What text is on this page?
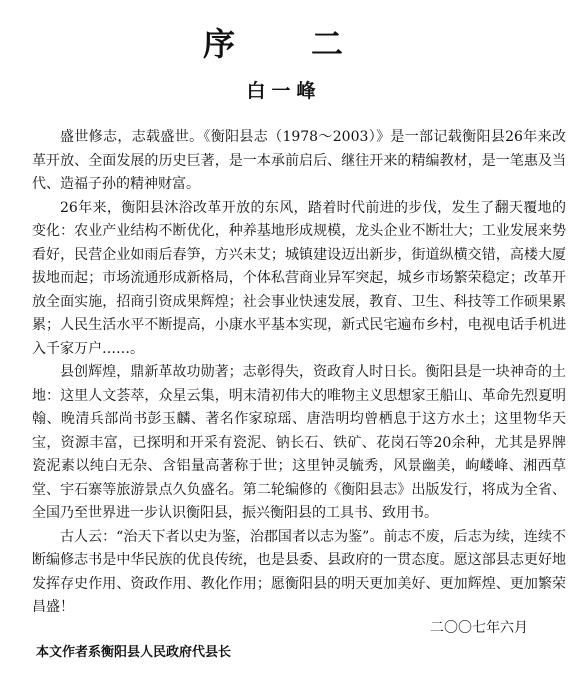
序　二
白一峰

盛世修志，志载盛世。《衡阳县志（1978～2003）》是一部记载衡阳县26年来改革开放、全面发展的历史巨著，是一本承前启后、继往开来的精编教材，是一笔惠及当代、造福子孙的精神财富。

26年来，衡阳县沐浴改革开放的东风，踏着时代前进的步伐，发生了翻天覆地的变化：农业产业结构不断优化，种养基地形成规模，龙头企业不断壮大；工业发展来势看好，民营企业如雨后春笋，方兴未艾；城镇建设迈出新步，街道纵横交错，高楼大厦拔地而起；市场流通形成新格局，个体私营商业异军突起，城乡市场繁荣稳定；改革开放全面实施，招商引资成果辉煌；社会事业快速发展，教育、卫生、科技等工作硕果累累；人民生活水平不断提高，小康水平基本实现，新式民宅遍布乡村，电视电话手机进入千家万户……。

县创辉煌，鼎新革故功勋著；志彰得失，资政育人时日长。衡阳县是一块神奇的土地：这里人文荟萃，众星云集，明末清初伟大的唯物主义思想家王船山、革命先烈夏明翰、晚清兵部尚书彭玉麟、著名作家琼瑶、唐浩明均曾栖息于这方水土；这里物华天宝，资源丰富，已探明和开采有瓷泥、钠长石、铁矿、花岗石等20余种，尤其是界牌瓷泥素以纯白无杂、含铝量高著称于世；这里钟灵毓秀，风景幽美，岣嵝峰、湘西草堂、宇石寨等旅游景点久负盛名。第二轮编修的《衡阳县志》出版发行，将成为全省、全国乃至世界进一步认识衡阳县，振兴衡阳县的工具书、致用书。

古人云：“治天下者以史为鉴，治郡国者以志为鉴”。前志不废，后志为续，连续不断编修志书是中华民族的优良传统，也是县委、县政府的一贯态度。愿这部县志更好地发挥存史作用、资政作用、教化作用；愿衡阳县的明天更加美好、更加辉煌、更加繁荣昌盛！

二〇〇七年六月
本文作者系衡阳县人民政府代县长
